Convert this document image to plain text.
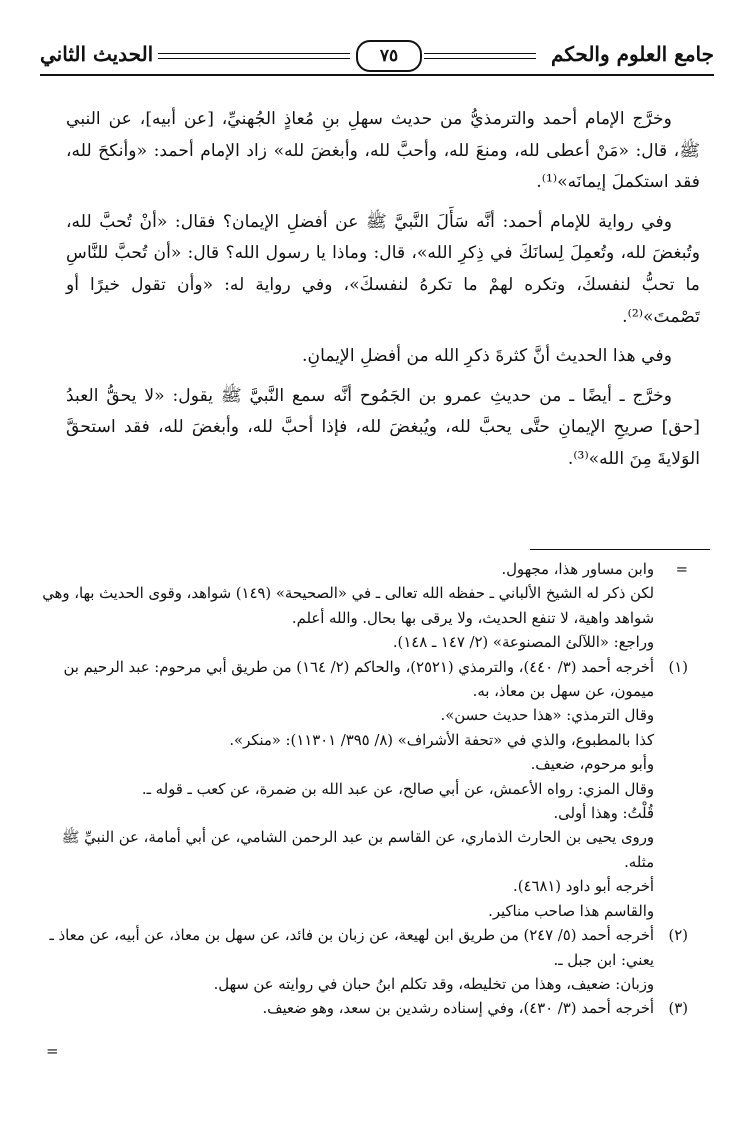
جامع العلوم والحكم
٧٥
الحديث الثاني

وخرَّج الإمام أحمد والترمذيُّ من حديث سهلِ بنِ مُعاذٍ الجُهنيِّ، [عن أبيه]، عن النبي ﷺ، قال: «مَنْ أعطى لله، ومنعَ لله، وأحبَّ لله، وأبغضَ لله» زاد الإمام أحمد: «وأنكحَ لله، فقد استكملَ إيمانَه»⁽¹⁾.

وفي رواية للإمام أحمد: أنَّه سَأَلَ النَّبيَّ ﷺ عن أفضلِ الإيمان؟ فقال: «أنْ تُحبَّ لله، وتُبغضَ لله، وتُعمِلَ لِسانَكَ في ذِكرِ الله»، قال: وماذا يا رسول الله؟ قال: «أن تُحبَّ للنَّاسِ ما تحبُّ لنفسكَ، وتكره لهمْ ما تكرهُ لنفسكَ»، وفي رواية له: «وأن تقول خيرًا أو تَصْمتَ»⁽²⁾.

وفي هذا الحديث أنَّ كثرةَ ذكرِ الله من أفضلِ الإيمانِ.

وخرَّج ـ أيضًا ـ من حديثِ عمرو بن الجَمُوح أنَّه سمع النَّبيَّ ﷺ يقول: «لا يحقُّ العبدُ [حق] صريحِ الإيمانِ حتَّى يحبَّ لله، ويُبغضَ لله، فإذا أحبَّ لله، وأبغضَ لله، فقد استحقَّ الوَلايةَ مِنَ الله»⁽³⁾.

=
وابن مساور هذا، مجهول.
لكن ذكر له الشيخ الألباني ـ حفظه الله تعالى ـ في «الصحيحة» (١٤٩) شواهد، وقوى الحديث بها، وهي شواهد واهية، لا تنفع الحديث، ولا يرقى بها بحال. والله أعلم.
وراجع: «اللآلئ المصنوعة» (٢/ ١٤٧ ـ ١٤٨).
(١)
أخرجه أحمد (٣/ ٤٤٠)، والترمذي (٢٥٢١)، والحاكم (٢/ ١٦٤) من طريق أبي مرحوم: عبد الرحيم بن ميمون، عن سهل بن معاذ، به.
وقال الترمذي: «هذا حديث حسن».
كذا بالمطبوع، والذي في «تحفة الأشراف» (٨/ ٣٩٥/ ١١٣٠١): «منكر».
وأبو مرحوم، ضعيف.
وقال المزي: رواه الأعمش، عن أبي صالح، عن عبد الله بن ضمرة، عن كعب ـ قوله ـ.
قُلْتُ: وهذا أولى.
وروى يحيى بن الحارث الذماري، عن القاسم بن عبد الرحمن الشامي، عن أبي أمامة، عن النبيِّ ﷺ مثله.
أخرجه أبو داود (٤٦٨١).
والقاسم هذا صاحب مناكير.
(٢)
أخرجه أحمد (٥/ ٢٤٧) من طريق ابن لهيعة، عن زبان بن فائد، عن سهل بن معاذ، عن أبيه، عن معاذ ـ يعني: ابن جبل ـ.
وزبان: ضعيف، وهذا من تخليطه، وقد تكلم ابنُ حبان في روايته عن سهل.
(٣)
أخرجه أحمد (٣/ ٤٣٠)، وفي إسناده رشدين بن سعد، وهو ضعيف.
=
